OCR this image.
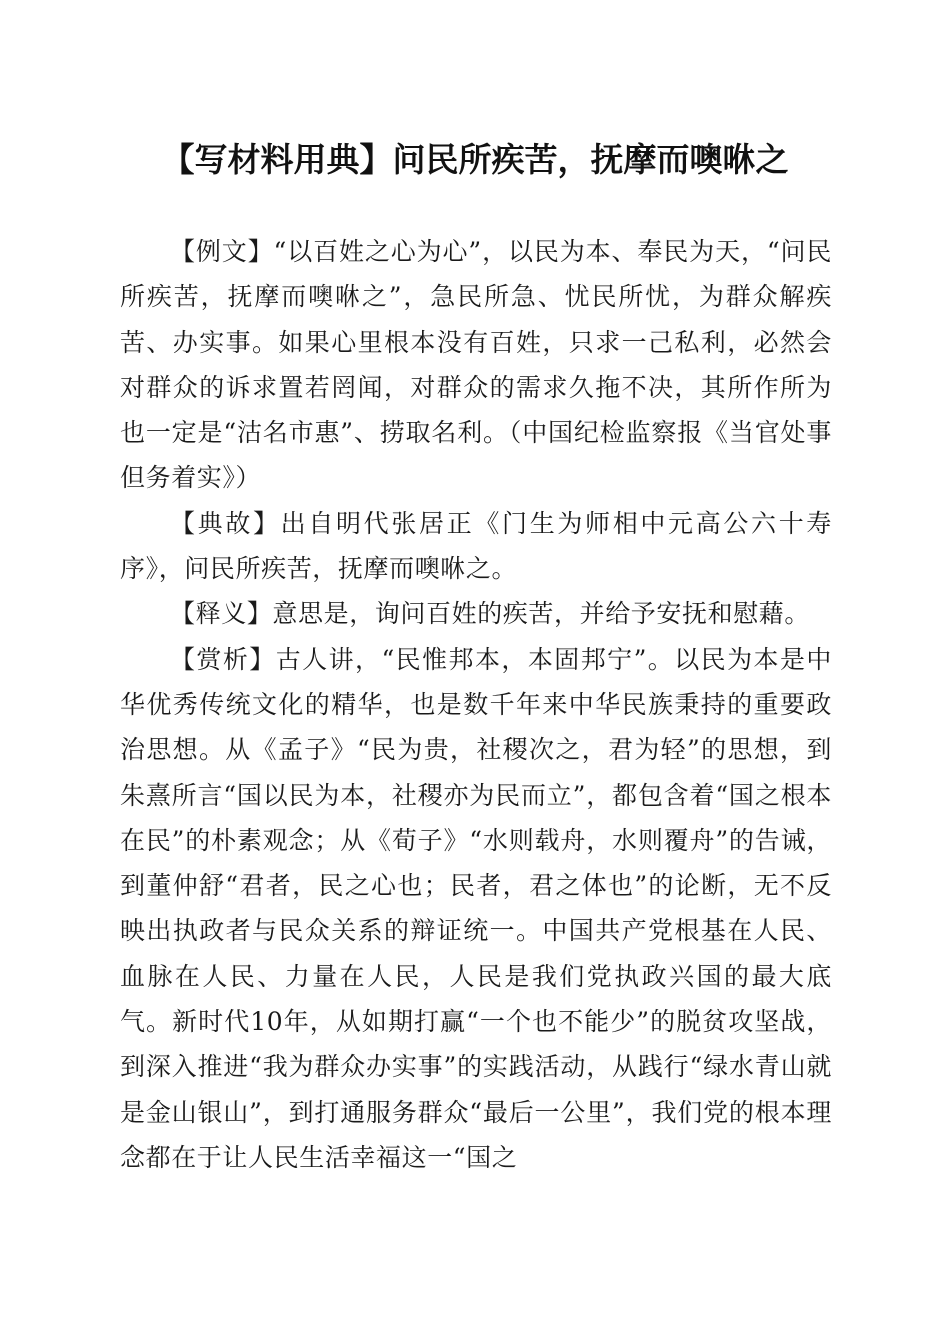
【写材料用典】问民所疾苦，抚摩而噢咻之

【例文】“以百姓之心为心”，以民为本、奉民为天，“问民所疾苦，抚摩而噢咻之”，急民所急、忧民所忧，为群众解疾苦、办实事。如果心里根本没有百姓，只求一己私利，必然会对群众的诉求置若罔闻，对群众的需求久拖不决，其所作所为也一定是“沽名市惠”、捞取名利。（中国纪检监察报《当官处事但务着实》）

【典故】出自明代张居正《门生为师相中元高公六十寿序》，问民所疾苦，抚摩而噢咻之。

【释义】意思是，询问百姓的疾苦，并给予安抚和慰藉。

【赏析】古人讲，“民惟邦本，本固邦宁”。以民为本是中华优秀传统文化的精华，也是数千年来中华民族秉持的重要政治思想。从《孟子》“民为贵，社稷次之，君为轻”的思想，到朱熹所言“国以民为本，社稷亦为民而立”，都包含着“国之根本在民”的朴素观念；从《荀子》“水则载舟，水则覆舟”的告诫，到董仲舒“君者，民之心也；民者，君之体也”的论断，无不反映出执政者与民众关系的辩证统一。中国共产党根基在人民、血脉在人民、力量在人民，人民是我们党执政兴国的最大底气。新时代10年，从如期打赢“一个也不能少”的脱贫攻坚战，到深入推进“我为群众办实事”的实践活动，从践行“绿水青山就是金山银山”，到打通服务群众“最后一公里”，我们党的根本理念都在于让人民生活幸福这一“国之
